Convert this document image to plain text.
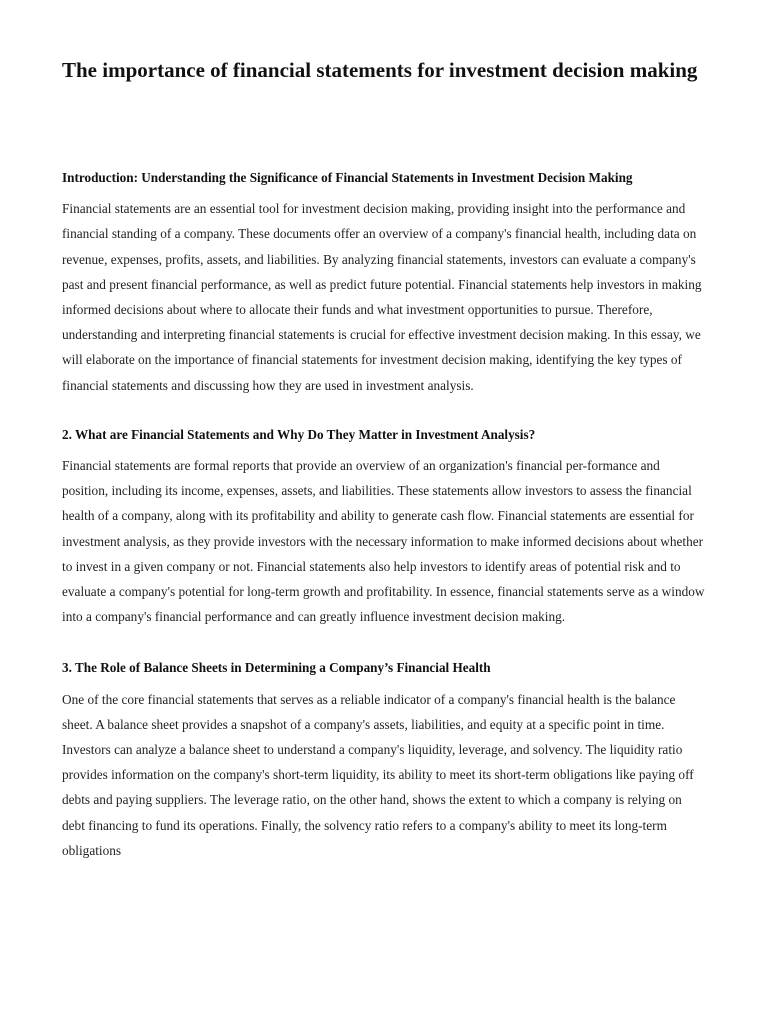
The importance of financial statements for investment decision making
Introduction: Understanding the Significance of Financial Statements in Investment Decision Making

Financial statements are an essential tool for investment decision making, providing insight into the performance and financial standing of a company. These documents offer an overview of a company's financial health, including data on revenue, expenses, profits, assets, and liabilities. By analyzing financial statements, investors can evaluate a company's past and present financial performance, as well as predict future potential. Financial statements help investors in making informed decisions about where to allocate their funds and what investment opportunities to pursue. Therefore, understanding and interpreting financial statements is crucial for effective investment decision making. In this essay, we will elaborate on the importance of financial statements for investment decision making, identifying the key types of financial statements and discussing how they are used in investment analysis.

2. What are Financial Statements and Why Do They Matter in Investment Analysis?

Financial statements are formal reports that provide an overview of an organization's financial per-formance and position, including its income, expenses, assets, and liabilities. These statements allow investors to assess the financial health of a company, along with its profitability and ability to generate cash flow. Financial statements are essential for investment analysis, as they provide investors with the necessary information to make informed decisions about whether to invest in a given company or not. Financial statements also help investors to identify areas of potential risk and to evaluate a company's potential for long-term growth and profitability. In essence, financial statements serve as a window into a company's financial performance and can greatly influence investment decision making.

3. The Role of Balance Sheets in Determining a Company’s Financial Health

One of the core financial statements that serves as a reliable indicator of a company's financial health is the balance sheet. A balance sheet provides a snapshot of a company's assets, liabilities, and equity at a specific point in time. Investors can analyze a balance sheet to understand a company's liquidity, leverage, and solvency. The liquidity ratio provides information on the company's short-term liquidity, its ability to meet its short-term obligations like paying off debts and paying suppliers. The leverage ratio, on the other hand, shows the extent to which a company is relying on debt financing to fund its operations. Finally, the solvency ratio refers to a company's ability to meet its long-term obligations
